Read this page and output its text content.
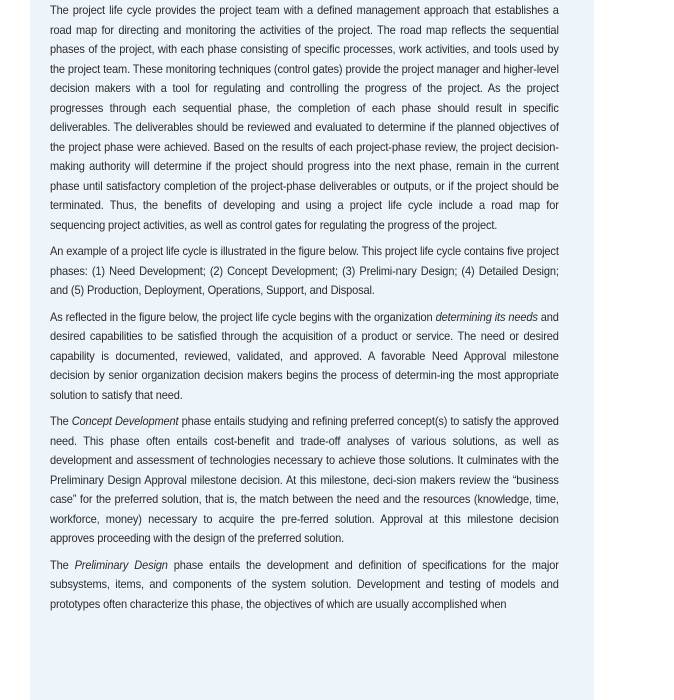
The project life cycle provides the project team with a defined management approach that establishes a road map for directing and monitoring the activities of the project. The road map reflects the sequential phases of the project, with each phase consisting of specific processes, work activities, and tools used by the project team. These monitoring techniques (control gates) provide the project manager and higher-level decision makers with a tool for regulating and controlling the progress of the project. As the project progresses through each sequential phase, the completion of each phase should result in specific deliverables. The deliverables should be reviewed and evaluated to determine if the planned objectives of the project phase were achieved. Based on the results of each project-phase review, the project decision-making authority will determine if the project should progress into the next phase, remain in the current phase until satisfactory completion of the project-phase deliverables or outputs, or if the project should be terminated. Thus, the benefits of developing and using a project life cycle include a road map for sequencing project activities, as well as control gates for regulating the progress of the project.

An example of a project life cycle is illustrated in the figure below. This project life cycle contains five project phases: (1) Need Development; (2) Concept Development; (3) Prelimi-nary Design; (4) Detailed Design; and (5) Production, Deployment, Operations, Support, and Disposal.

As reflected in the figure below, the project life cycle begins with the organization determining its needs and desired capabilities to be satisfied through the acquisition of a product or service. The need or desired capability is documented, reviewed, validated, and approved. A favorable Need Approval milestone decision by senior organization decision makers begins the process of determin-ing the most appropriate solution to satisfy that need.

The Concept Development phase entails studying and refining preferred concept(s) to satisfy the approved need. This phase often entails cost-benefit and trade-off analyses of various solutions, as well as development and assessment of technologies necessary to achieve those solutions. It culminates with the Preliminary Design Approval milestone decision. At this milestone, deci-sion makers review the “business case” for the preferred solution, that is, the match between the need and the resources (knowledge, time, workforce, money) necessary to acquire the pre-ferred solution. Approval at this milestone decision approves proceeding with the design of the preferred solution.

The Preliminary Design phase entails the development and definition of specifications for the major subsystems, items, and components of the system solution. Development and testing of models and prototypes often characterize this phase, the objectives of which are usually accomplished when
